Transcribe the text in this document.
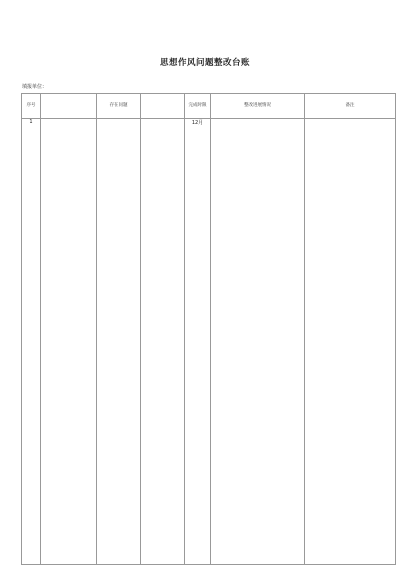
思想作风问题整改台账
填报单位：
序号		存在问题		完成时限	整改进展情况	备注
1				12月		
